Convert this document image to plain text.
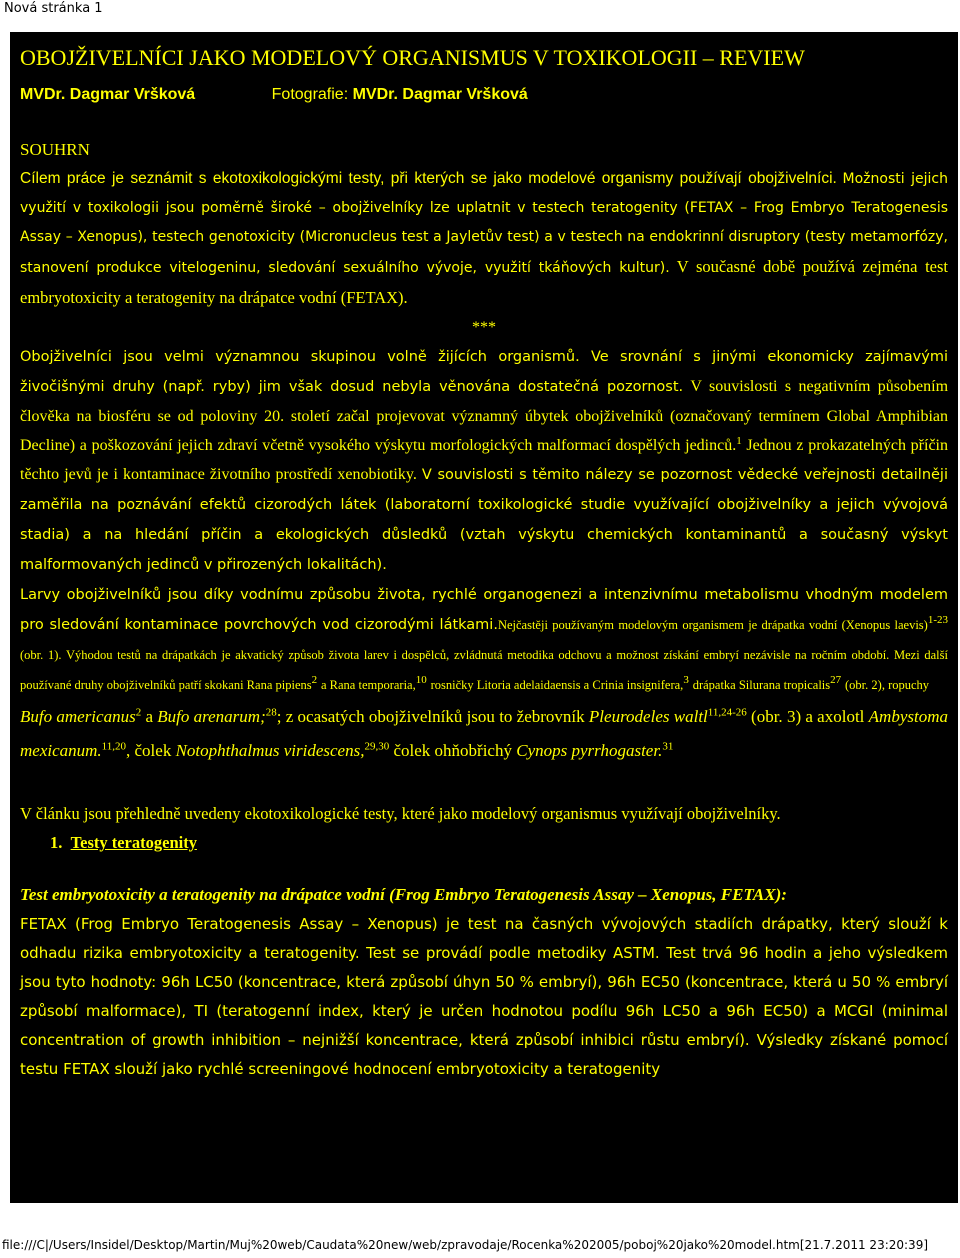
Nová stránka 1
OBOJŽIVELNÍCI JAKO MODELOVÝ ORGANISMUS V TOXIKOLOGII – REVIEW
MVDr. Dagmar Vršková	Fotografie: MVDr. Dagmar Vršková
SOUHRN

Cílem práce je seznámit s ekotoxikologickými testy, při kterých se jako modelové organismy používají obojživelníci. Možnosti jejich využití v toxikologii jsou poměrně široké – obojživelníky lze uplatnit v testech teratogenity (FETAX – Frog Embryo Teratogenesis Assay – Xenopus), testech genotoxicity (Micronucleus test a Jayletův test) a v testech na endokrinní disruptory (testy metamorfózy, stanovení produkce vitelogeninu, sledování sexuálního vývoje, využití tkáňových kultur). V současné době používá zejména test embryotoxicity a teratogenity na drápatce vodní (FETAX).

***

Obojživelníci jsou velmi významnou skupinou volně žijících organismů. Ve srovnání s jinými ekonomicky zajímavými živočišnými druhy (např. ryby) jim však dosud nebyla věnována dostatečná pozornost. V souvislosti s negativním působením člověka na biosféru se od poloviny 20. století začal projevovat významný úbytek obojživelníků (označovaný termínem Global Amphibian Decline) a poškozování jejich zdraví včetně vysokého výskytu morfologických malformací dospělých jedinců.$^1$ Jednou z prokazatelných příčin těchto jevů je i kontaminace životního prostředí xenobiotiky. V souvislosti s těmito nálezy se pozornost vědecké veřejnosti detailněji zaměřila na poznávání efektů cizorodých látek (laboratorní toxikologické studie využívající obojživelníky a jejich vývojová stadia) a na hledání příčin a ekologických důsledků (vztah výskytu chemických kontaminantů a současný výskyt malformovaných jedinců v přirozených lokalitách).

Larvy obojživelníků jsou díky vodnímu způsobu života, rychlé organogenezi a intenzivnímu metabolismu vhodným modelem pro sledování kontaminace povrchových vod cizorodými látkami.Nejčastěji používaným modelovým organismem je drápatka vodní (Xenopus laevis)$^{1-23}$ (obr. 1). Výhodou testů na drápatkách je akvatický způsob života larev i dospělců, zvládnutá metodika odchovu a možnost získání embryí nezávisle na ročním období. Mezi další používané druhy obojživelníků patří skokani Rana pipiens$^2$ a Rana temporaria,$^{10}$ rosničky Litoria adelaidaensis a Crinia insignifera,$^3$ drápatka Silurana tropicalis$^{27}$ (obr. 2), ropuchy

Bufo americanus$^2$ a Bufo arenarum;$^{28}$; z ocasatých obojživelníků jsou to žebrovník Pleurodeles waltl$^{11,24-26}$ (obr. 3) a axolotl Ambystoma mexicanum.$^{11,20}$, čolek Notophthalmus viridescens,$^{29,30}$ čolek ohňobřichý Cynops pyrrhogaster.$^{31}$

V článku jsou přehledně uvedeny ekotoxikologické testy, které jako modelový organismus využívají obojživelníky.

1. Testy teratogenity
Test embryotoxicity a teratogenity na drápatce vodní (Frog Embryo Teratogenesis Assay – Xenopus, FETAX):

FETAX (Frog Embryo Teratogenesis Assay – Xenopus) je test na časných vývojových stadiích drápatky, který slouží k odhadu rizika embryotoxicity a teratogenity. Test se provádí podle metodiky ASTM. Test trvá 96 hodin a jeho výsledkem jsou tyto hodnoty: 96h LC50 (koncentrace, která způsobí úhyn 50 % embryí), 96h EC50 (koncentrace, která u 50 % embryí způsobí malformace), TI (teratogenní index, který je určen hodnotou podílu 96h LC50 a 96h EC50) a MCGI (minimal concentration of growth inhibition – nejnižší koncentrace, která způsobí inhibici růstu embryí). Výsledky získané pomocí testu FETAX slouží jako rychlé screeningové hodnocení embryotoxicity a teratogenity

file:///C|/Users/Insidel/Desktop/Martin/Muj%20web/Caudata%20new/web/zpravodaje/Rocenka%202005/poboj%20jako%20model.htm[21.7.2011 23:20:39]
